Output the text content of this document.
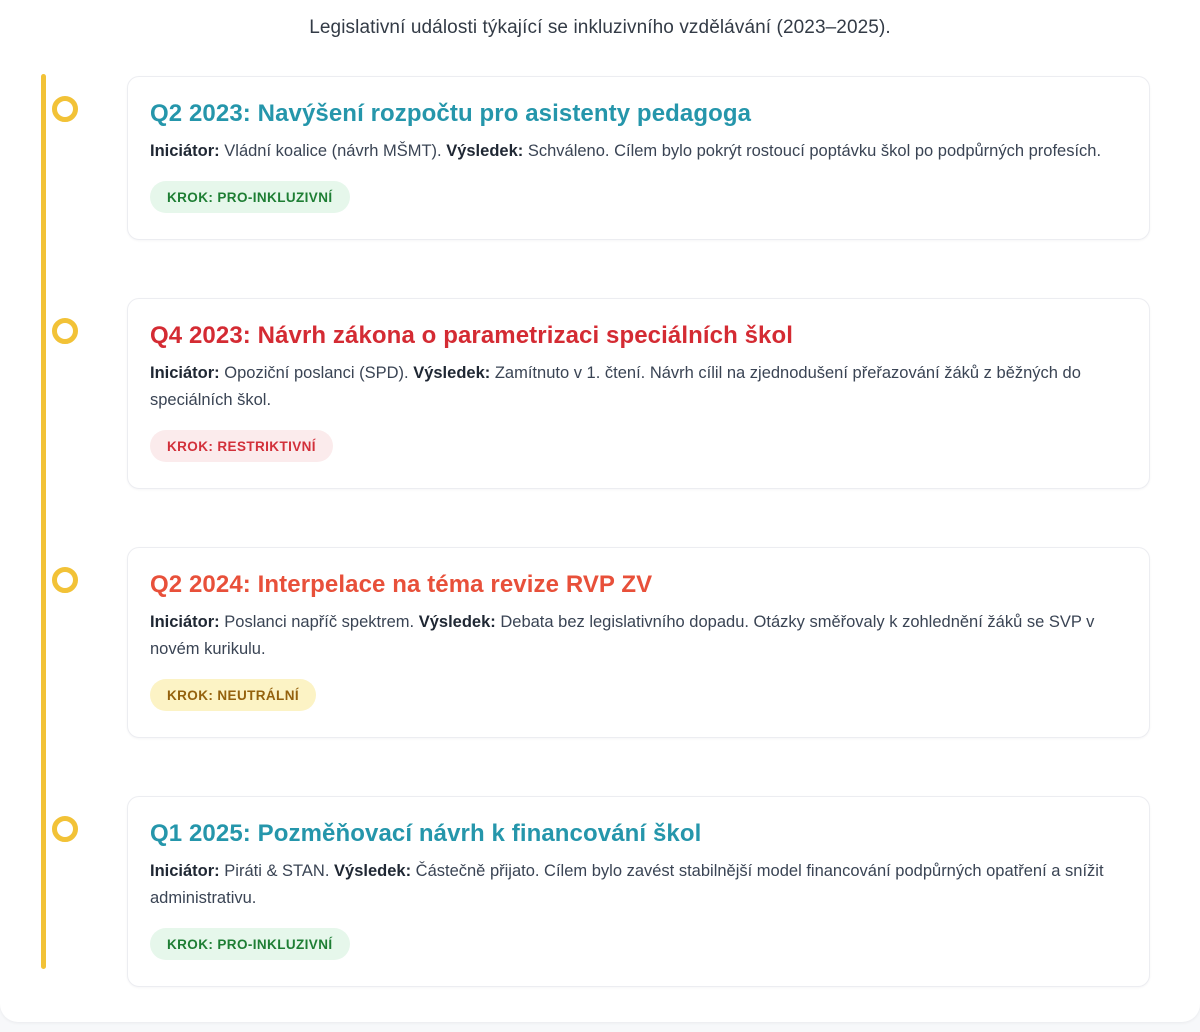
Legislativní události týkající se inkluzivního vzdělávání (2023–2025).
Q2 2023: Navýšení rozpočtu pro asistenty pedagoga

Iniciátor: Vládní koalice (návrh MŠMT). Výsledek: Schváleno. Cílem bylo pokrýt rostoucí poptávku škol po podpůrných profesích.

KROK: PRO-INKLUZIVNÍ
Q4 2023: Návrh zákona o parametrizaci speciálních škol

Iniciátor: Opoziční poslanci (SPD). Výsledek: Zamítnuto v 1. čtení. Návrh cílil na zjednodušení přeřazování žáků z běžných do speciálních škol.

KROK: RESTRIKTIVNÍ
Q2 2024: Interpelace na téma revize RVP ZV

Iniciátor: Poslanci napříč spektrem. Výsledek: Debata bez legislativního dopadu. Otázky směřovaly k zohlednění žáků se SVP v novém kurikulu.

KROK: NEUTRÁLNÍ
Q1 2025: Pozměňovací návrh k financování škol

Iniciátor: Piráti & STAN. Výsledek: Částečně přijato. Cílem bylo zavést stabilnější model financování podpůrných opatření a snížit administrativu.

KROK: PRO-INKLUZIVNÍ
